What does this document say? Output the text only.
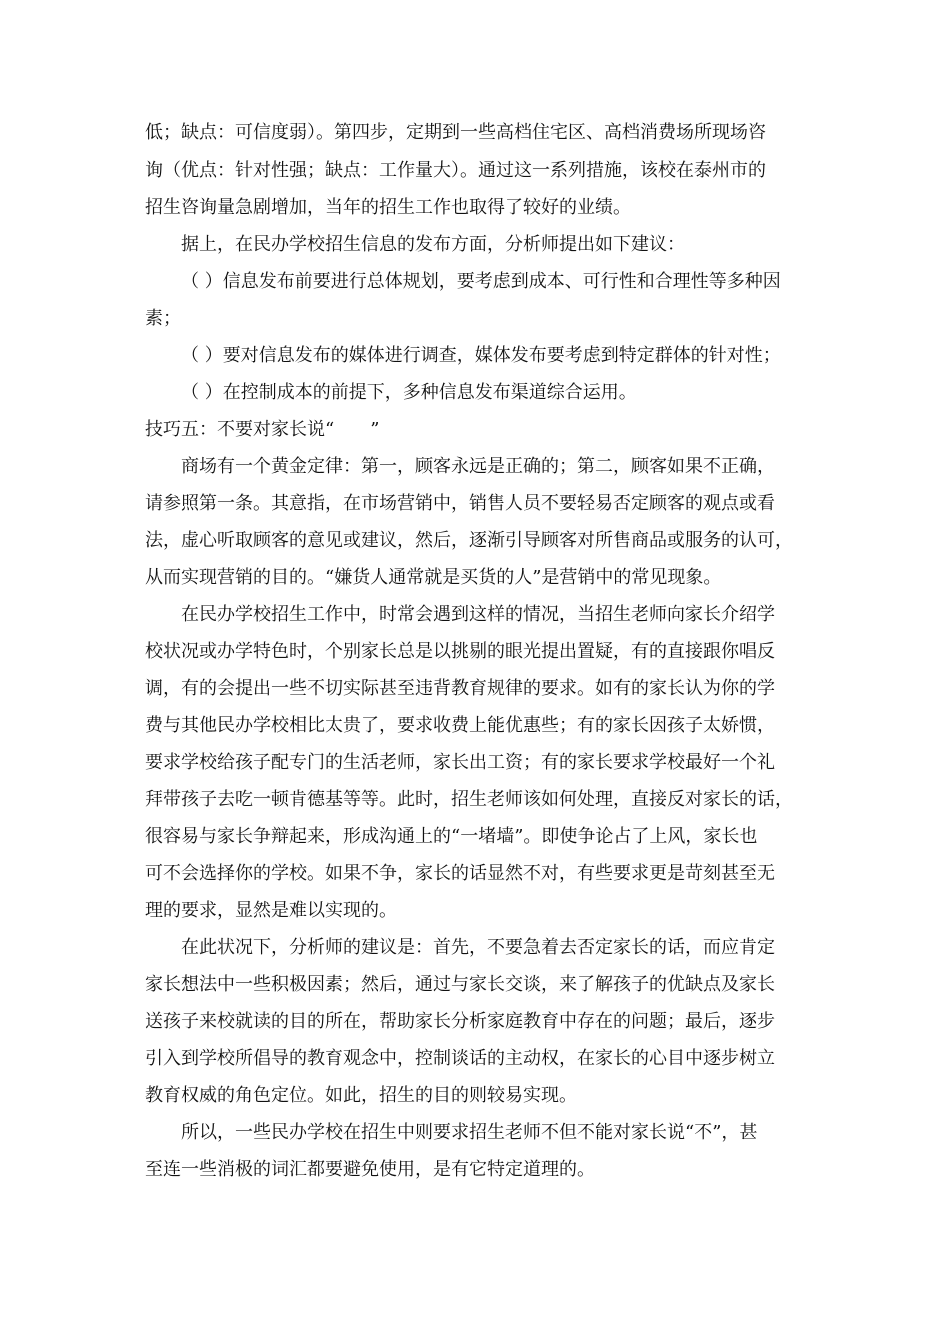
低；缺点：可信度弱）。第四步，定期到一些高档住宅区、高档消费场所现场咨
询（优点：针对性强；缺点：工作量大）。通过这一系列措施，该校在泰州市的
招生咨询量急剧增加，当年的招生工作也取得了较好的业绩。
据上，在民办学校招生信息的发布方面，分析师提出如下建议：
（ ）信息发布前要进行总体规划，要考虑到成本、可行性和合理性等多种因
素；
（ ）要对信息发布的媒体进行调查，媒体发布要考虑到特定群体的针对性；
（ ）在控制成本的前提下，多种信息发布渠道综合运用。
技巧五：不要对家长说“　　”
商场有一个黄金定律：第一，顾客永远是正确的；第二，顾客如果不正确，
请参照第一条。其意指，在市场营销中，销售人员不要轻易否定顾客的观点或看
法，虚心听取顾客的意见或建议，然后，逐渐引导顾客对所售商品或服务的认可，
从而实现营销的目的。“嫌货人通常就是买货的人”是营销中的常见现象。
在民办学校招生工作中，时常会遇到这样的情况，当招生老师向家长介绍学
校状况或办学特色时，个别家长总是以挑剔的眼光提出置疑，有的直接跟你唱反
调，有的会提出一些不切实际甚至违背教育规律的要求。如有的家长认为你的学
费与其他民办学校相比太贵了，要求收费上能优惠些；有的家长因孩子太娇惯，
要求学校给孩子配专门的生活老师，家长出工资；有的家长要求学校最好一个礼
拜带孩子去吃一顿肯德基等等。此时，招生老师该如何处理，直接反对家长的话，
很容易与家长争辩起来，形成沟通上的“一堵墙”。即使争论占了上风，家长也
可不会选择你的学校。如果不争，家长的话显然不对，有些要求更是苛刻甚至无
理的要求，显然是难以实现的。
在此状况下，分析师的建议是：首先，不要急着去否定家长的话，而应肯定
家长想法中一些积极因素；然后，通过与家长交谈，来了解孩子的优缺点及家长
送孩子来校就读的目的所在，帮助家长分析家庭教育中存在的问题；最后，逐步
引入到学校所倡导的教育观念中，控制谈话的主动权，在家长的心目中逐步树立
教育权威的角色定位。如此，招生的目的则较易实现。
所以，一些民办学校在招生中则要求招生老师不但不能对家长说“不”，甚
至连一些消极的词汇都要避免使用，是有它特定道理的。
